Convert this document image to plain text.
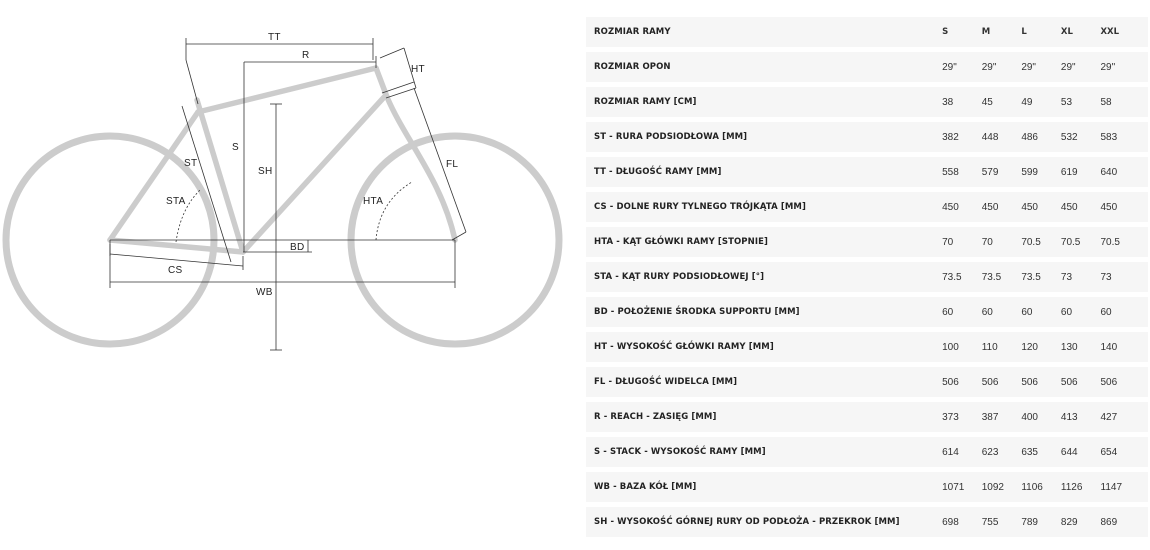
TT
R
HT
ST
S
SH
FL
STA	HTA
BD
CS
WB
ROZMIAR RAMY	S	M	L	XL	XXL
ROZMIAR OPON	29"	29"	29"	29"	29"
ROZMIAR RAMY [CM]	38	45	49	53	58
ST - RURA PODSIODŁOWA [MM]	382	448	486	532	583
TT - DŁUGOŚĆ RAMY [MM]	558	579	599	619	640
CS - DOLNE RURY TYLNEGO TRÓJKĄTA [MM]	450	450	450	450	450
HTA - KĄT GŁÓWKI RAMY [STOPNIE]	70	70	70.5	70.5	70.5
STA - KĄT RURY PODSIODŁOWEJ [°]	73.5	73.5	73.5	73	73
BD - POŁOŻENIE ŚRODKA SUPPORTU [MM]	60	60	60	60	60
HT - WYSOKOŚĆ GŁÓWKI RAMY [MM]	100	110	120	130	140
FL - DŁUGOŚĆ WIDELCA [MM]	506	506	506	506	506
R - REACH - ZASIĘG [MM]	373	387	400	413	427
S - STACK - WYSOKOŚĆ RAMY [MM]	614	623	635	644	654
WB - BAZA KÓŁ [MM]	1071	1092	1106	1126	1147
SH - WYSOKOŚĆ GÓRNEJ RURY OD PODŁOŻA - PRZEKROK [MM]	698	755	789	829	869
